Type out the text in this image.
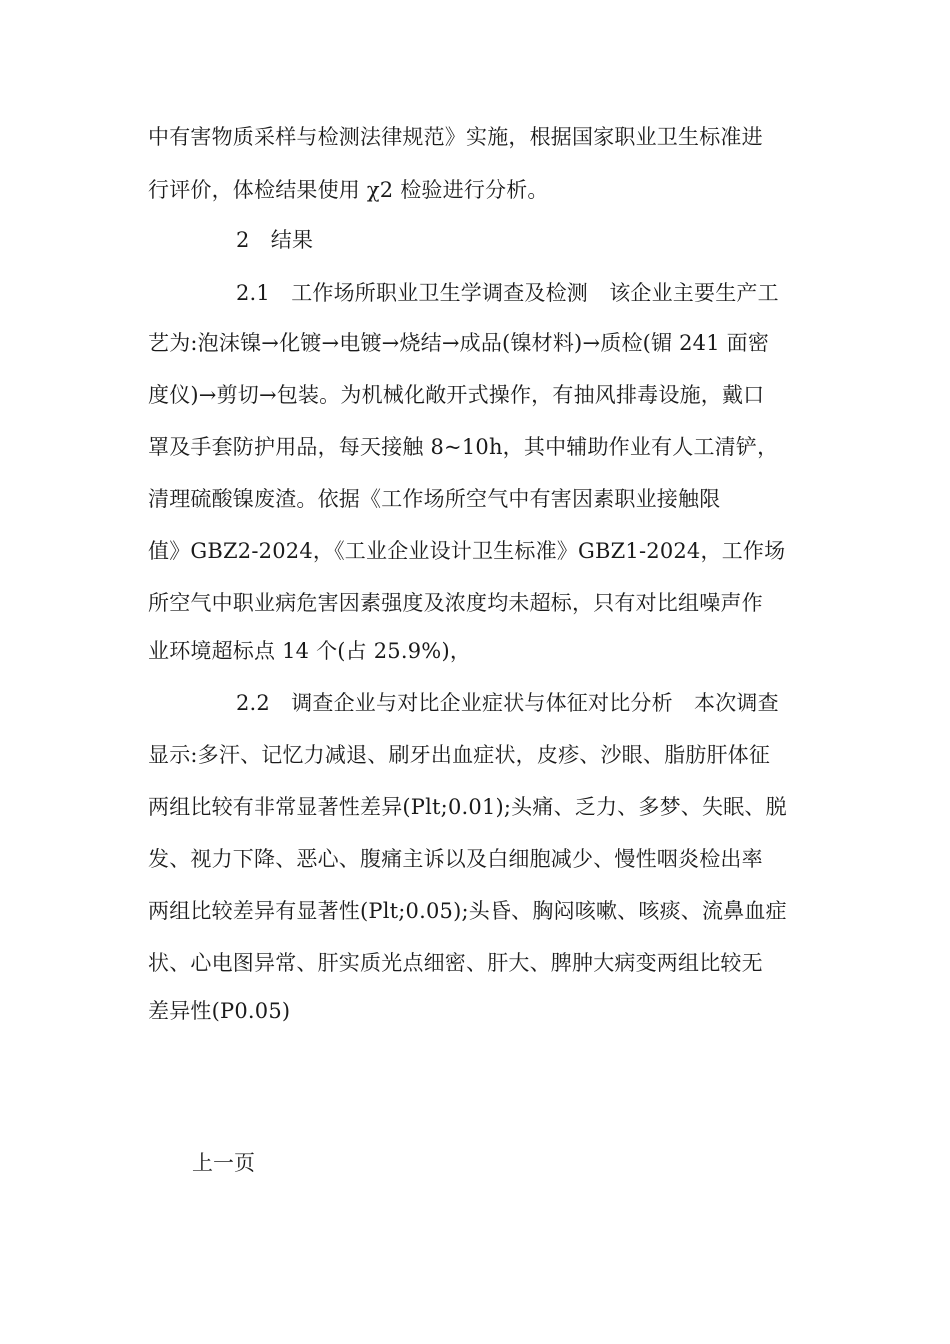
中有害物质采样与检测法律规范》实施，根据国家职业卫生标准进
行评价，体检结果使用 χ2 检验进行分析。
2　结果
2.1　工作场所职业卫生学调查及检测　该企业主要生产工
艺为:泡沫镍→化镀→电镀→烧结→成品(镍材料)→质检(镅 241 面密
度仪)→剪切→包装。为机械化敞开式操作，有抽风排毒设施，戴口
罩及手套防护用品，每天接触 8~10h，其中辅助作业有人工清铲，
清理硫酸镍废渣。依据《工作场所空气中有害因素职业接触限
值》GBZ2-2024，《工业企业设计卫生标准》GBZ1-2024，工作场
所空气中职业病危害因素强度及浓度均未超标，只有对比组噪声作
业环境超标点 14 个(占 25.9%)，
2.2　调查企业与对比企业症状与体征对比分析　本次调查
显示:多汗、记忆力减退、刷牙出血症状，皮疹、沙眼、脂肪肝体征
两组比较有非常显著性差异(Plt;0.01);头痛、乏力、多梦、失眠、脱
发、视力下降、恶心、腹痛主诉以及白细胞减少、慢性咽炎检出率
两组比较差异有显著性(Plt;0.05);头昏、胸闷咳嗽、咳痰、流鼻血症
状、心电图异常、肝实质光点细密、肝大、脾肿大病变两组比较无
差异性(P0.05)
上一页
